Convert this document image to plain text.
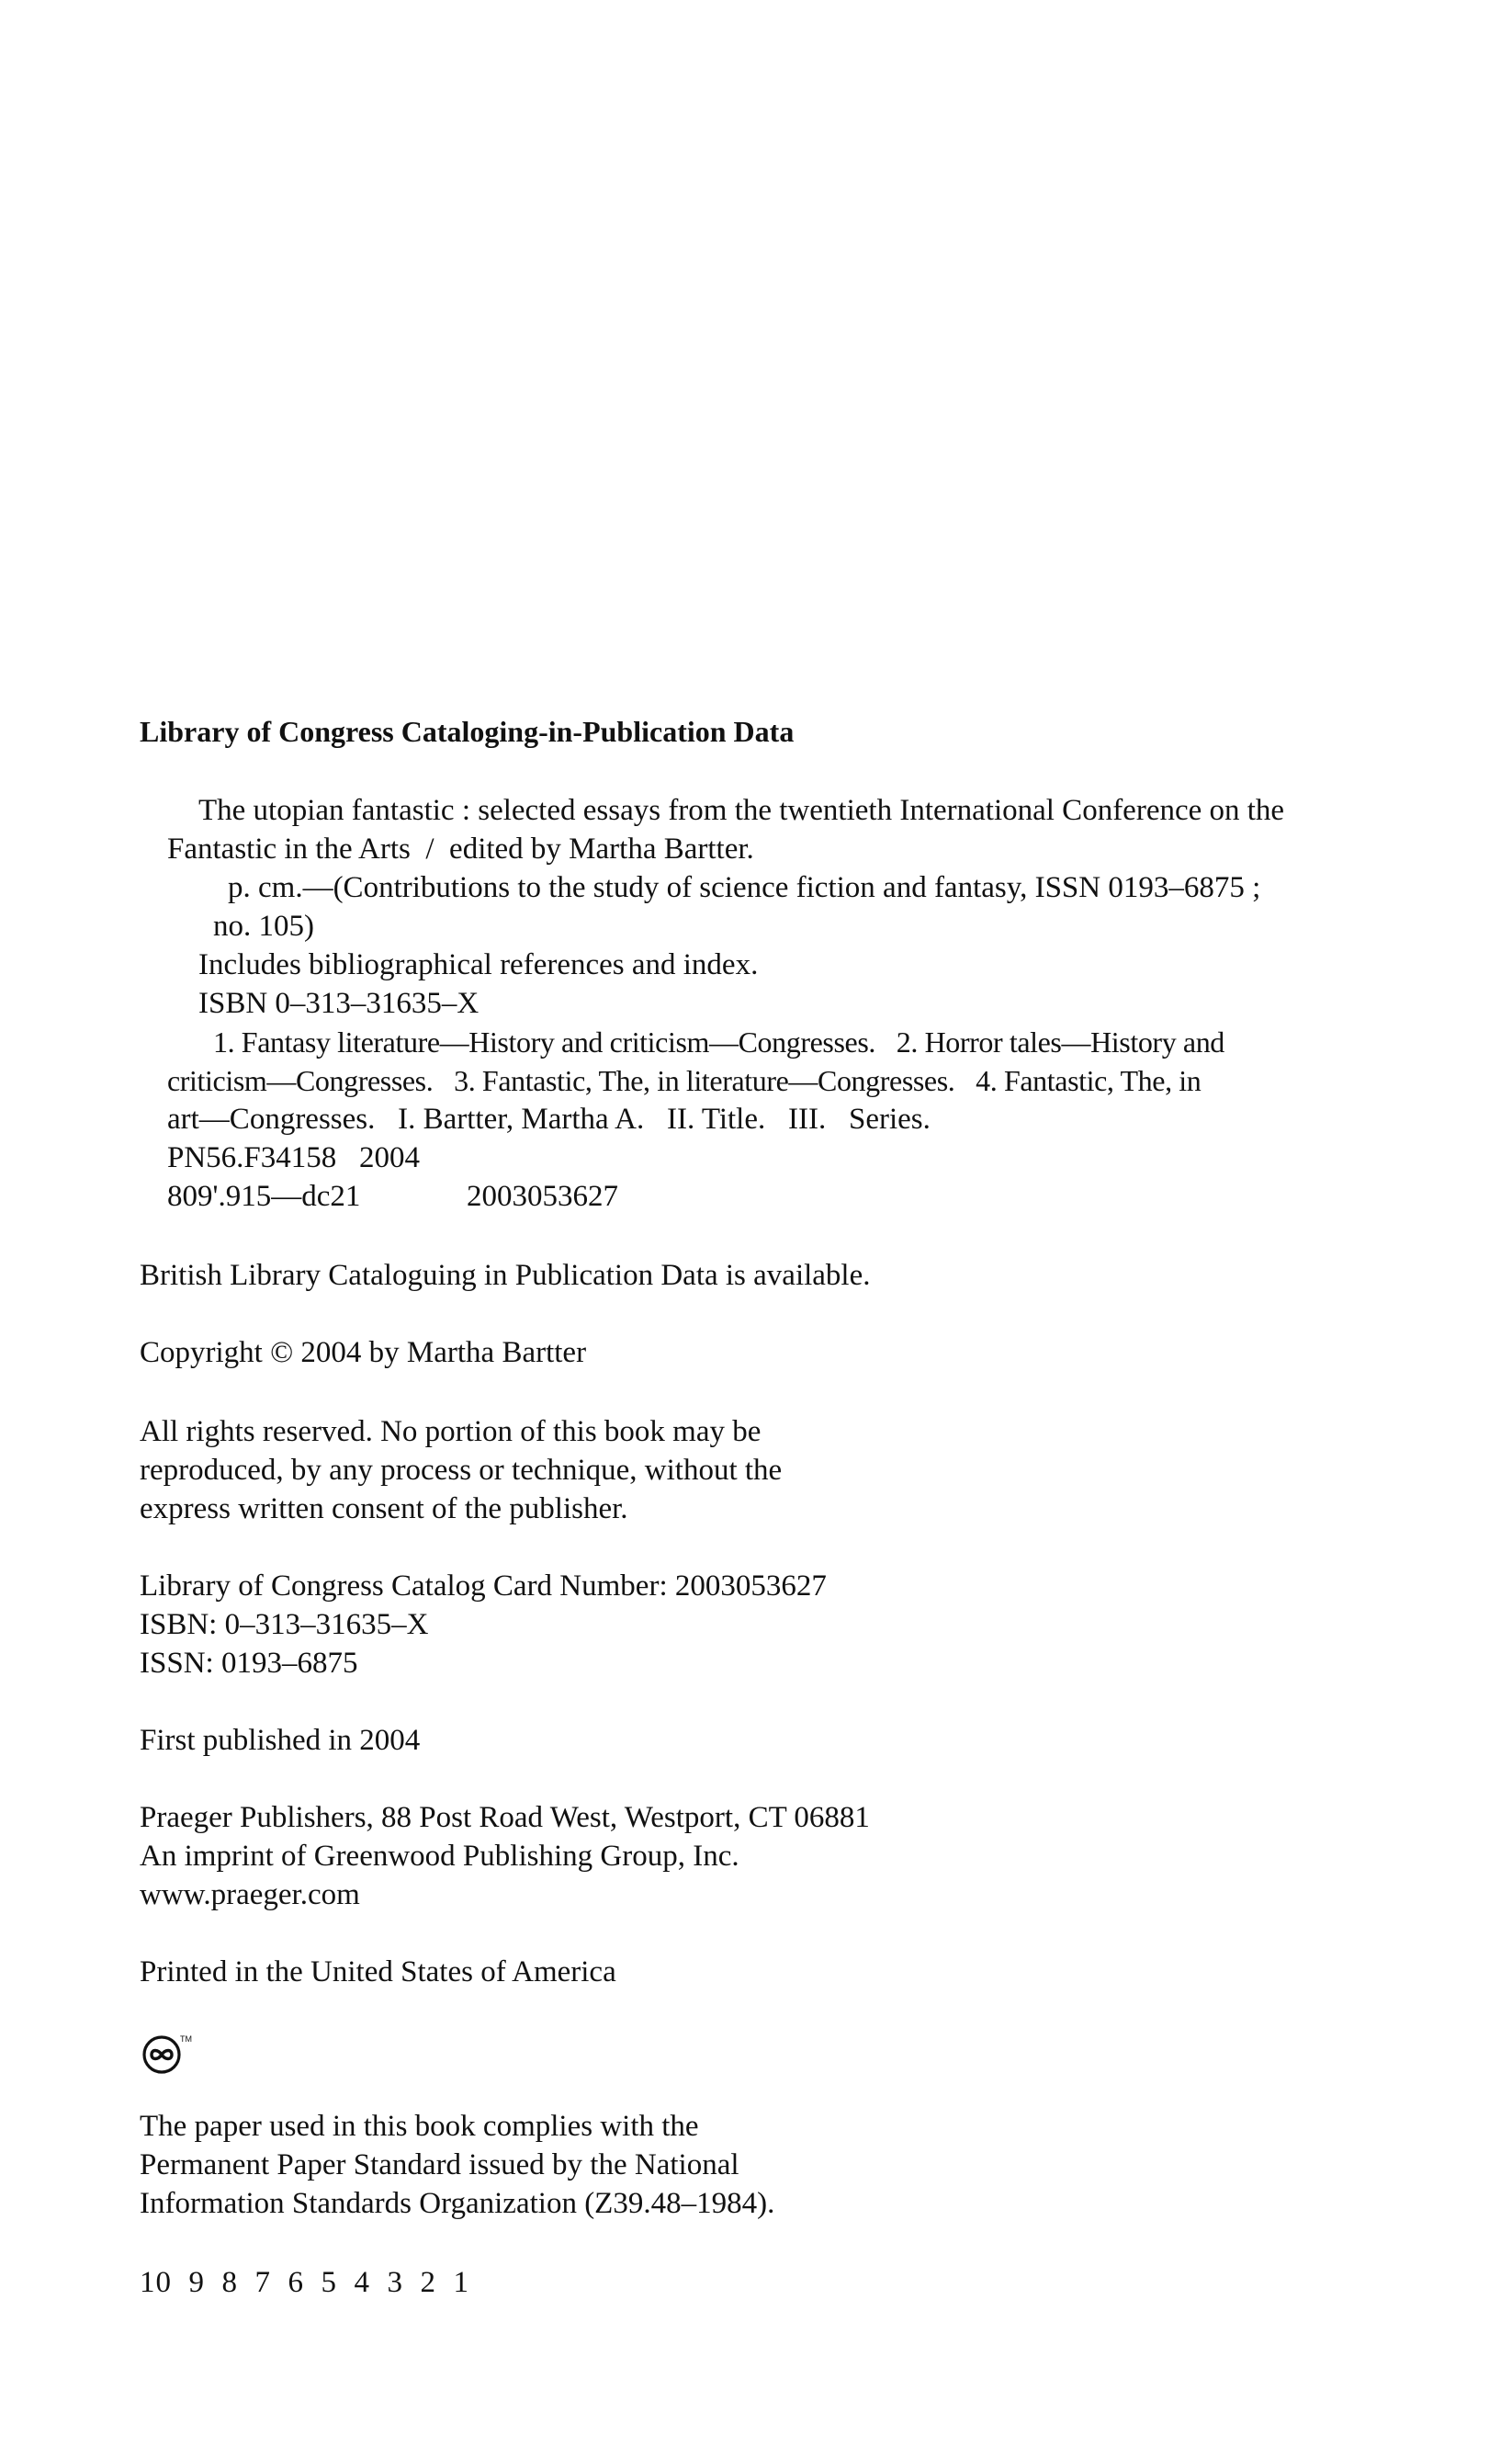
Library of Congress Cataloging-in-Publication Data
The utopian fantastic : selected essays from the twentieth International Conference on the
Fantastic in the Arts  /  edited by Martha Bartter.
p. cm.—(Contributions to the study of science fiction and fantasy, ISSN 0193–6875 ;
no. 105)
Includes bibliographical references and index.
ISBN 0–313–31635–X
1. Fantasy literature—History and criticism—Congresses.   2. Horror tales—History and
criticism—Congresses.   3. Fantastic, The, in literature—Congresses.   4. Fantastic, The, in
art—Congresses.   I. Bartter, Martha A.   II. Title.   III.   Series.
PN56.F34158   2004
809'.915—dc21	2003053627
British Library Cataloguing in Publication Data is available.
Copyright © 2004 by Martha Bartter
All rights reserved. No portion of this book may be
reproduced, by any process or technique, without the
express written consent of the publisher.
Library of Congress Catalog Card Number: 2003053627
ISBN: 0–313–31635–X
ISSN: 0193–6875
First published in 2004
Praeger Publishers, 88 Post Road West, Westport, CT 06881
An imprint of Greenwood Publishing Group, Inc.
www.praeger.com
Printed in the United States of America
TM
The paper used in this book complies with the
Permanent Paper Standard issued by the National
Information Standards Organization (Z39.48–1984).
10  9  8  7  6  5  4  3  2  1
